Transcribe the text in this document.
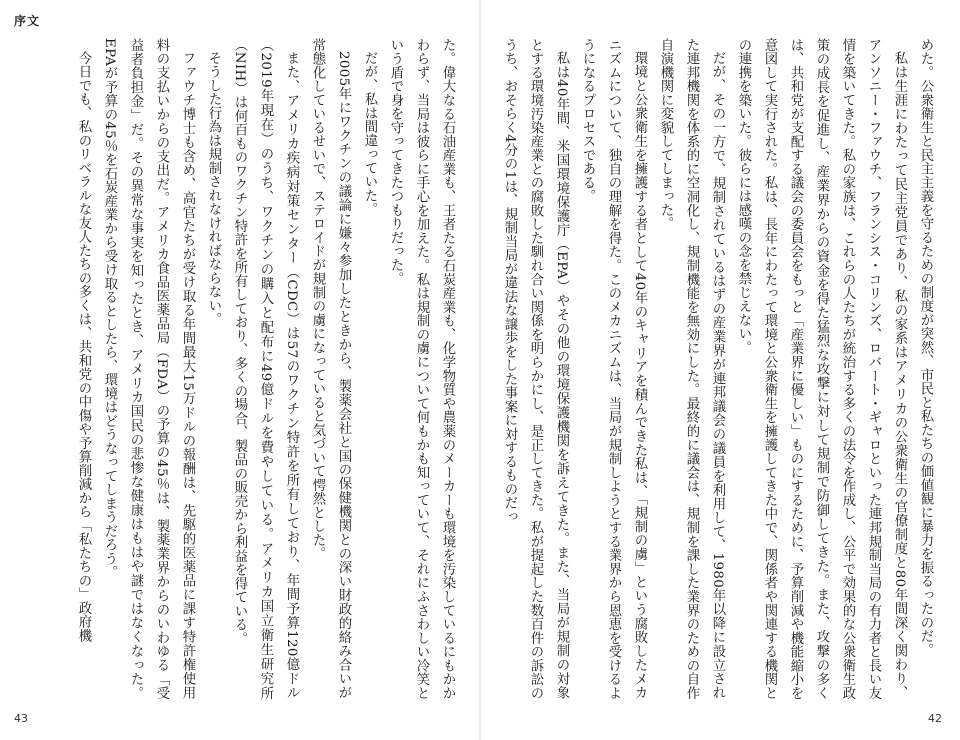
序文

た。偉大なる石油産業も、王者たる石炭産業も、化学物質や農薬のメーカーも環境を汚染しているにもかかわらず、当局は彼らに手心を加えた。私は規制の虜について何もかも知っていて、それにふさわしい冷笑という盾で身を守ってきたつもりだった。

だが、私は間違っていた。

2005年にワクチンの議論に嫌々参加したときから、製薬会社と国の保健機関との深い財政的絡み合いが常態化しているせいで、ステロイドが規制の虜になっていると気づいて愕然とした。

また、アメリカ疾病対策センター（CDC）は57のワクチン特許を所有しており、年間予算120億ドル（2019年現在）のうち、ワクチンの購入と配布に49億ドルを費やしている。アメリカ国立衛生研究所（NIH）は何百ものワクチン特許を所有しており、多くの場合、製品の販売から利益を得ている。

そうした行為は規制されなければならない。

ファウチ博士も含め、高官たちが受け取る年間最大15万ドルの報酬は、先駆的医薬品に課す特許権使用料の支払いからの支出だ。アメリカ食品医薬品局（FDA）の予算の45％は、製薬業界からのいわゆる「受益者負担金」だ。その異常な事実を知ったとき、アメリカ国民の悲惨な健康はもはや謎ではなくなった。EPAが予算の45％を石炭産業から受け取るとしたら、環境はどうなってしまうだろう。

今日でも、私のリベラルな友人たちの多くは、共和党の中傷や予算削減から「私たちの」政府機	めた。公衆衛生と民主主義を守るための制度が突然、市民と私たちの価値観に暴力を振るったのだ。

私は生涯にわたって民主党員であり、私の家系はアメリカの公衆衛生の官僚制度と80年間深く関わり、アンソニー・ファウチ、フランシス・コリンズ、ロバート・ギャロといった連邦規制当局の有力者と長い友情を築いてきた。私の家族は、これらの人たちが統治する多くの法令を作成し、公平で効果的な公衆衛生政策の成長を促進し、産業界からの資金を得た猛烈な攻撃に対して規制で防御してきた。また、攻撃の多くは、共和党が支配する議会の委員会をもっと「産業界に優しい」ものにするために、予算削減や機能縮小を意図して実行された。私は、長年にわたって環境と公衆衛生を擁護してきた中で、関係者や関連する機関との連携を築いた。彼らには感嘆の念を禁じえない。

だが、その一方で、規制されているはずの産業界が連邦議会の議員を利用して、1980年以降に設立された連邦機関を体系的に空洞化し、規制機能を無効にした。最終的に議会は、規制を課した業界のための自作自演機関に変貌してしまった。

環境と公衆衛生を擁護する者として40年のキャリアを積んできた私は、「規制の虜」という腐敗したメカニズムについて、独自の理解を得た。このメカニズムは、当局が規制しようとする業界から恩恵を受けるようになるプロセスである。

私は40年間、米国環境保護庁（EPA）やその他の環境保護機関を訴えてきた。また、当局が規制の対象とする環境汚染産業との腐敗した馴れ合い関係を明らかにし、是正してきた。私が提起した数百件の訴訟のうち、おそらく4分の1は、規制当局が違法な譲歩をした事案に対するものだっ

43	42
